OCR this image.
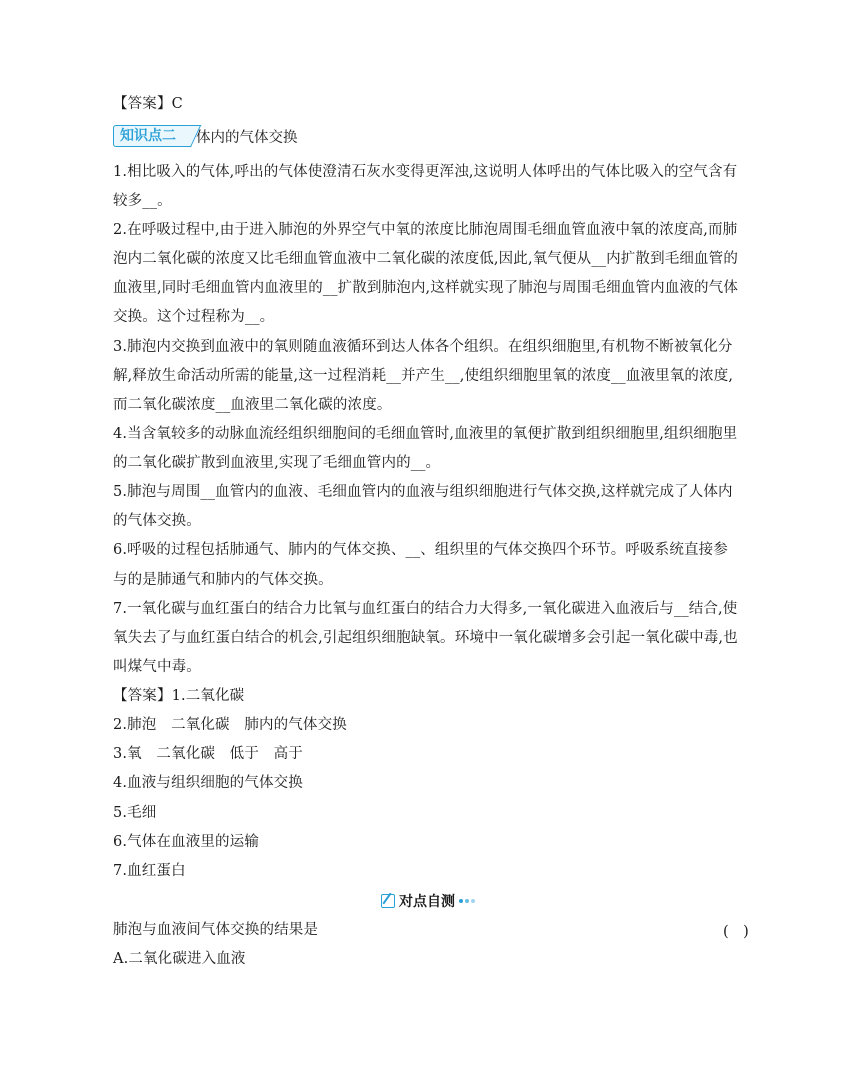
【答案】C
知识点二	体内的气体交换
1.相比吸入的气体,呼出的气体使澄清石灰水变得更浑浊,这说明人体呼出的气体比吸入的空气含有
较多__。
2.在呼吸过程中,由于进入肺泡的外界空气中氧的浓度比肺泡周围毛细血管血液中氧的浓度高,而肺
泡内二氧化碳的浓度又比毛细血管血液中二氧化碳的浓度低,因此,氧气便从__内扩散到毛细血管的
血液里,同时毛细血管内血液里的__扩散到肺泡内,这样就实现了肺泡与周围毛细血管内血液的气体
交换。这个过程称为__。
3.肺泡内交换到血液中的氧则随血液循环到达人体各个组织。在组织细胞里,有机物不断被氧化分
解,释放生命活动所需的能量,这一过程消耗__并产生__,使组织细胞里氧的浓度__血液里氧的浓度,
而二氧化碳浓度__血液里二氧化碳的浓度。
4.当含氧较多的动脉血流经组织细胞间的毛细血管时,血液里的氧便扩散到组织细胞里,组织细胞里
的二氧化碳扩散到血液里,实现了毛细血管内的__。
5.肺泡与周围__血管内的血液、毛细血管内的血液与组织细胞进行气体交换,这样就完成了人体内
的气体交换。
6.呼吸的过程包括肺通气、肺内的气体交换、__、组织里的气体交换四个环节。呼吸系统直接参
与的是肺通气和肺内的气体交换。
7.一氧化碳与血红蛋白的结合力比氧与血红蛋白的结合力大得多,一氧化碳进入血液后与__结合,使
氧失去了与血红蛋白结合的机会,引起组织细胞缺氧。环境中一氧化碳增多会引起一氧化碳中毒,也
叫煤气中毒。
【答案】1.二氧化碳
2.肺泡　二氧化碳　肺内的气体交换
3.氧　二氧化碳　低于　高于
4.血液与组织细胞的气体交换
5.毛细
6.气体在血液里的运输
7.血红蛋白
对点自测
肺泡与血液间气体交换的结果是	(　)
A.二氧化碳进入血液
